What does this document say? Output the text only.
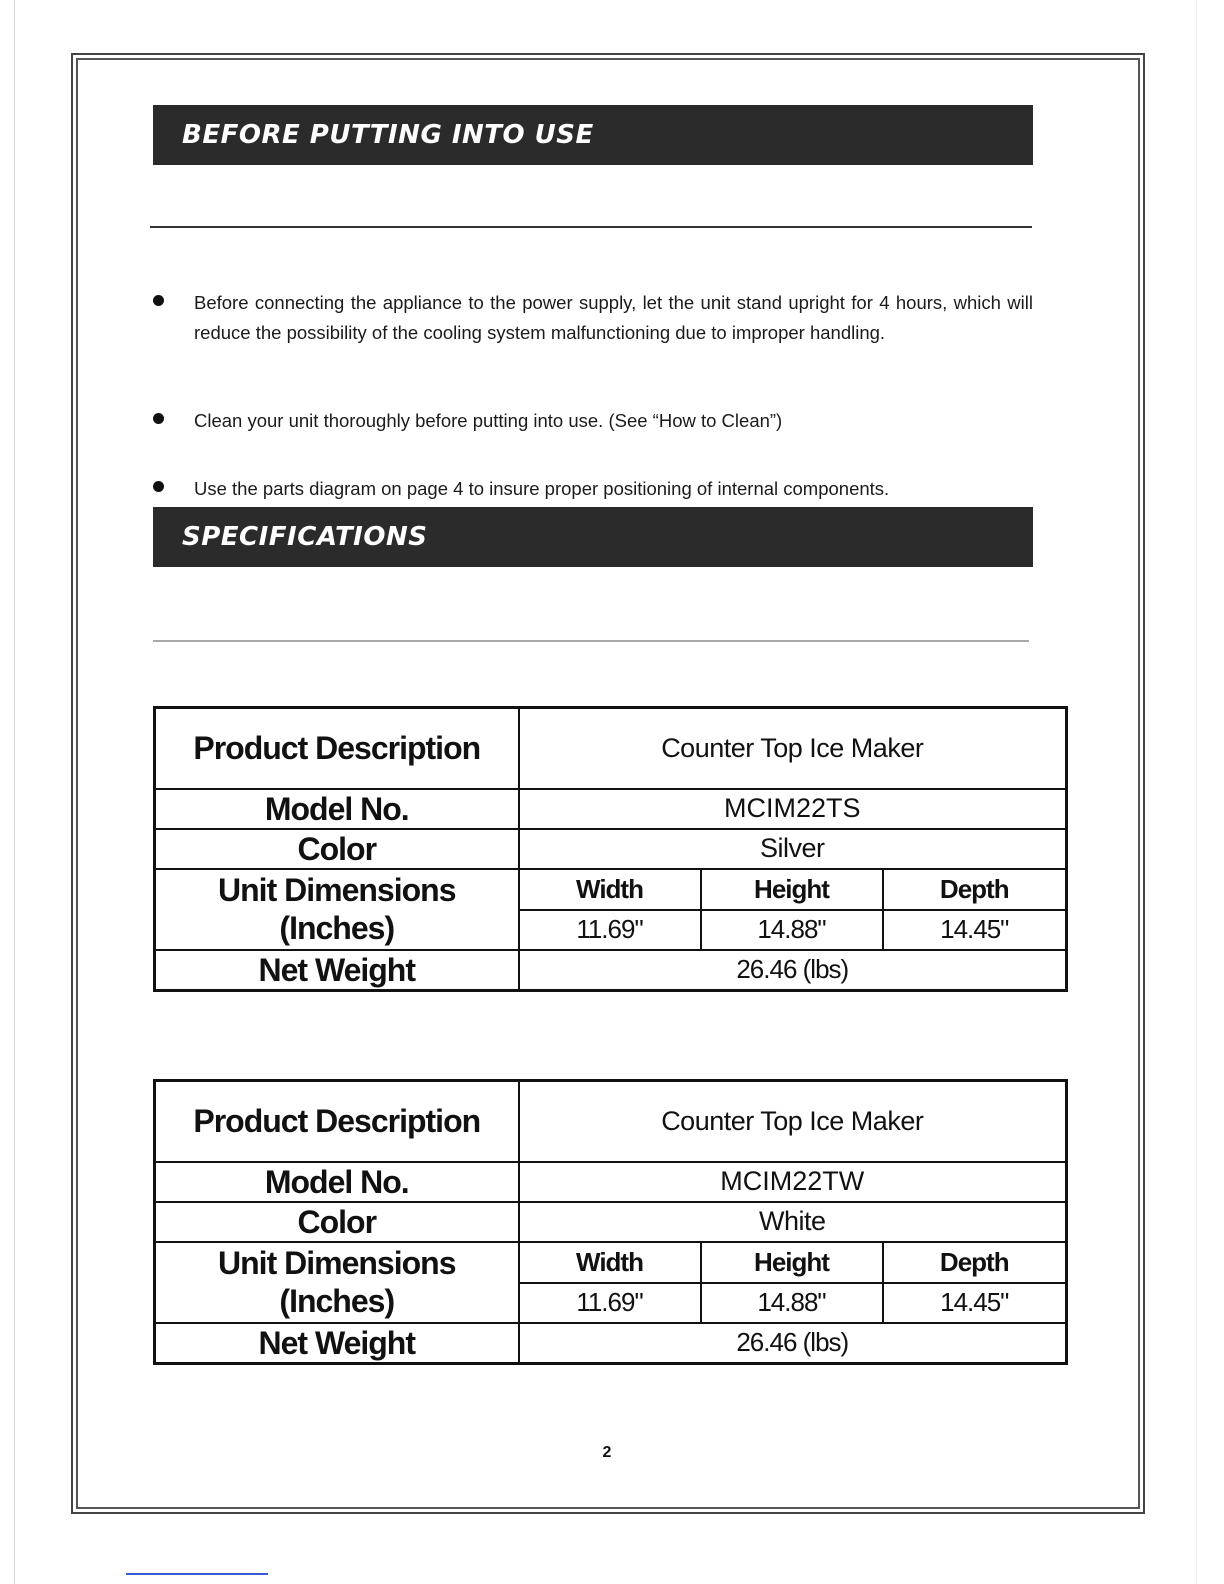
BEFORE PUTTING INTO USE
Before connecting the appliance to the power supply, let the unit stand upright for 4 hours, which will reduce the possibility of the cooling system malfunctioning due to improper handling.
Clean your unit thoroughly before putting into use. (See “How to Clean”)
Use the parts diagram on page 4 to insure proper positioning of internal components.
SPECIFICATIONS
Product Description	Counter Top Ice Maker		
Model No.	MCIM22TS		
Color	Silver		

Unit Dimensions
(Inches)	Width	Height	Depth
	11.69"	14.88"	14.45"
Net Weight	26.46 (lbs)		
Product Description	Counter Top Ice Maker		
Model No.	MCIM22TW		
Color	White		

Unit Dimensions
(Inches)	Width	Height	Depth
	11.69"	14.88"	14.45"
Net Weight	26.46 (lbs)		
2
